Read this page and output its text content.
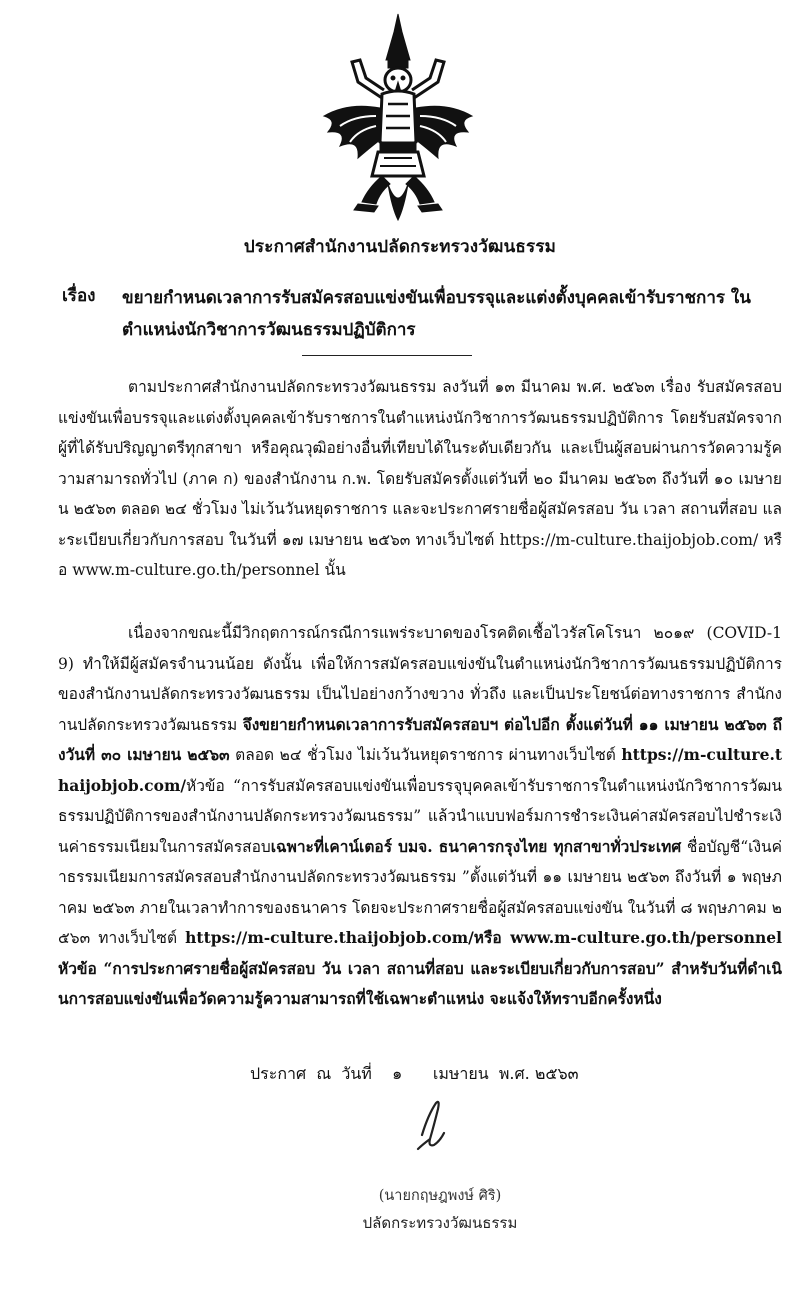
ประกาศสำนักงานปลัดกระทรวงวัฒนธรรม
เรื่อง ขยายกำหนดเวลาการรับสมัครสอบแข่งขันเพื่อบรรจุและแต่งตั้งบุคคลเข้ารับราชการ ในตำแหน่งนักวิชาการวัฒนธรรมปฏิบัติการ
ตามประกาศสำนักงานปลัดกระทรวงวัฒนธรรม ลงวันที่ ๑๓ มีนาคม พ.ศ. ๒๕๖๓ เรื่อง รับสมัครสอบแข่งขันเพื่อบรรจุและแต่งตั้งบุคคลเข้ารับราชการในตำแหน่งนักวิชาการวัฒนธรรมปฏิบัติการ โดยรับสมัครจากผู้ที่ได้รับปริญญาตรีทุกสาขา หรือคุณวุฒิอย่างอื่นที่เทียบได้ในระดับเดียวกัน และเป็นผู้สอบผ่านการวัดความรู้ความสามารถทั่วไป (ภาค ก) ของสำนักงาน ก.พ. โดยรับสมัครตั้งแต่วันที่ ๒๐ มีนาคม ๒๕๖๓ ถึงวันที่ ๑๐ เมษายน ๒๕๖๓ ตลอด ๒๔ ชั่วโมง ไม่เว้นวันหยุดราชการ และจะประกาศรายชื่อผู้สมัครสอบ วัน เวลา สถานที่สอบ และระเบียบเกี่ยวกับการสอบ ในวันที่ ๑๗ เมษายน ๒๕๖๓ ทางเว็บไซต์ https://m-culture.thaijobjob.com/ หรือ www.m-culture.go.th/personnel นั้น
เนื่องจากขณะนี้มีวิกฤตการณ์กรณีการแพร่ระบาดของโรคติดเชื้อไวรัสโคโรนา ๒๐๑๙ (COVID-19) ทำให้มีผู้สมัครจำนวนน้อย ดังนั้น เพื่อให้การสมัครสอบแข่งขันในตำแหน่งนักวิชาการวัฒนธรรมปฏิบัติการ ของสำนักงานปลัดกระทรวงวัฒนธรรม เป็นไปอย่างกว้างขวาง ทั่วถึง และเป็นประโยชน์ต่อทางราชการ สำนักงานปลัดกระทรวงวัฒนธรรม จึงขยายกำหนดเวลาการรับสมัครสอบฯ ต่อไปอีก ตั้งแต่วันที่ ๑๑ เมษายน ๒๕๖๓ ถึงวันที่ ๓๐ เมษายน ๒๕๖๓ ตลอด ๒๔ ชั่วโมง ไม่เว้นวันหยุดราชการ ผ่านทางเว็บไซต์ https://m-culture.thaijobjob.com/หัวข้อ “การรับสมัครสอบแข่งขันเพื่อบรรจุบุคคลเข้ารับราชการในตำแหน่งนักวิชาการวัฒนธรรมปฏิบัติการของสำนักงานปลัดกระทรวงวัฒนธรรม” แล้วนำแบบฟอร์มการชำระเงินค่าสมัครสอบไปชำระเงินค่าธรรมเนียมในการสมัครสอบเฉพาะที่เคาน์เตอร์ บมจ. ธนาคารกรุงไทย ทุกสาขาทั่วประเทศ ชื่อบัญชี“เงินค่าธรรมเนียมการสมัครสอบสำนักงานปลัดกระทรวงวัฒนธรรม ”ตั้งแต่วันที่ ๑๑ เมษายน ๒๕๖๓ ถึงวันที่ ๑ พฤษภาคม ๒๕๖๓ ภายในเวลาทำการของธนาคาร โดยจะประกาศรายชื่อผู้สมัครสอบแข่งขัน ในวันที่ ๘ พฤษภาคม ๒๕๖๓ ทางเว็บไซต์ https://m-culture.thaijobjob.com/หรือ www.m-culture.go.th/personnel หัวข้อ “การประกาศรายชื่อผู้สมัครสอบ วัน เวลา สถานที่สอบ และระเบียบเกี่ยวกับการสอบ” สำหรับวันที่ดำเนินการสอบแข่งขันเพื่อวัดความรู้ความสามารถที่ใช้เฉพาะตำแหน่ง จะแจ้งให้ทราบอีกครั้งหนึ่ง
ประกาศ  ณ  วันที่    ๑      เมษายน  พ.ศ. ๒๕๖๓
(นายกฤษฎพงษ์ ศิริ)
ปลัดกระทรวงวัฒนธรรม
